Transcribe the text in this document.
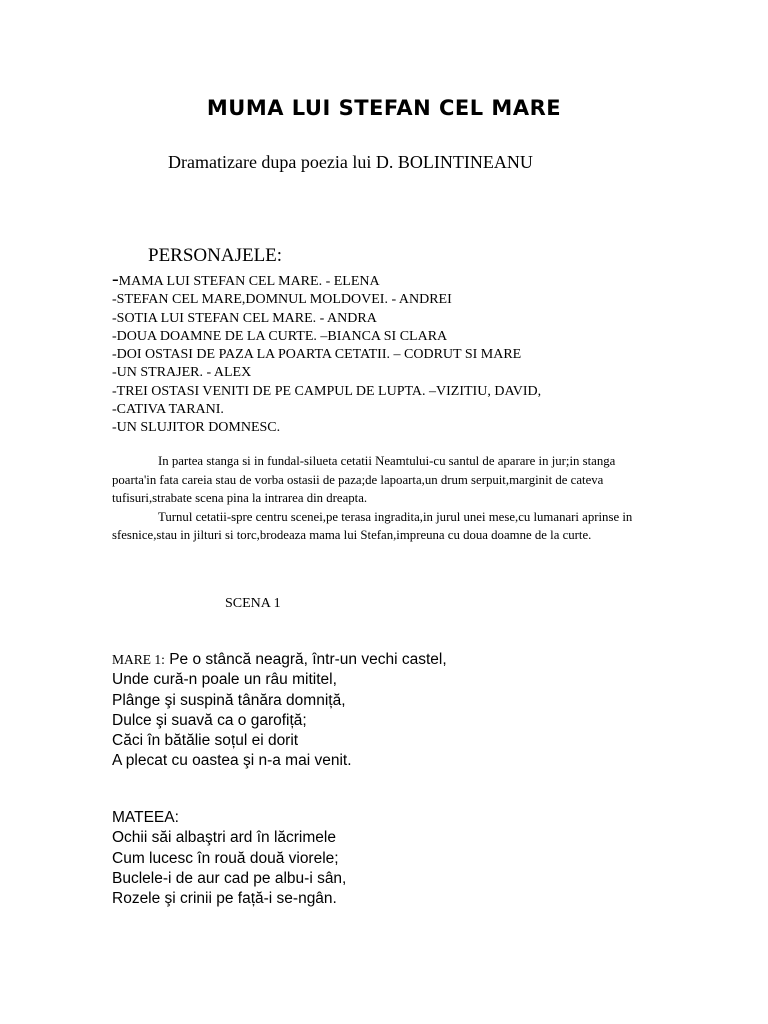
MUMA LUI STEFAN CEL MARE
Dramatizare dupa poezia lui D. BOLINTINEANU
PERSONAJELE:
-MAMA LUI STEFAN CEL MARE. - ELENA
-STEFAN CEL MARE,DOMNUL MOLDOVEI. - ANDREI
-SOTIA LUI STEFAN CEL MARE. - ANDRA
-DOUA DOAMNE DE LA CURTE. –BIANCA SI CLARA
-DOI OSTASI DE PAZA LA POARTA CETATII. – CODRUT SI MARE
-UN STRAJER. - ALEX
-TREI OSTASI VENITI DE PE CAMPUL DE LUPTA. –VIZITIU, DAVID,
-CATIVA TARANI.
-UN SLUJITOR DOMNESC.

In partea stanga si in fundal-silueta cetatii Neamtului-cu santul de aparare in jur;in stanga poarta'in fata careia stau de vorba ostasii de paza;de lapoarta,un drum serpuit,marginit de cateva tufisuri,strabate scena pina la intrarea din dreapta.

Turnul cetatii-spre centru scenei,pe terasa ingradita,in jurul unei mese,cu lumanari aprinse in sfesnice,stau in jilturi si torc,brodeaza mama lui Stefan,impreuna cu doua doamne de la curte.

SCENA 1
MARE 1: Pe o stâncă neagră, într-un vechi castel,
Unde cură-n poale un râu mititel,
Plânge şi suspină tânăra domniță,
Dulce şi suavă ca o garofiță;
Căci în bătălie soțul ei dorit
A plecat cu oastea şi n-a mai venit.
MATEEA:
Ochii săi albaştri ard în lăcrimele
Cum lucesc în rouă două viorele;
Buclele-i de aur cad pe albu-i sân,
Rozele şi crinii pe față-i se-ngân.
